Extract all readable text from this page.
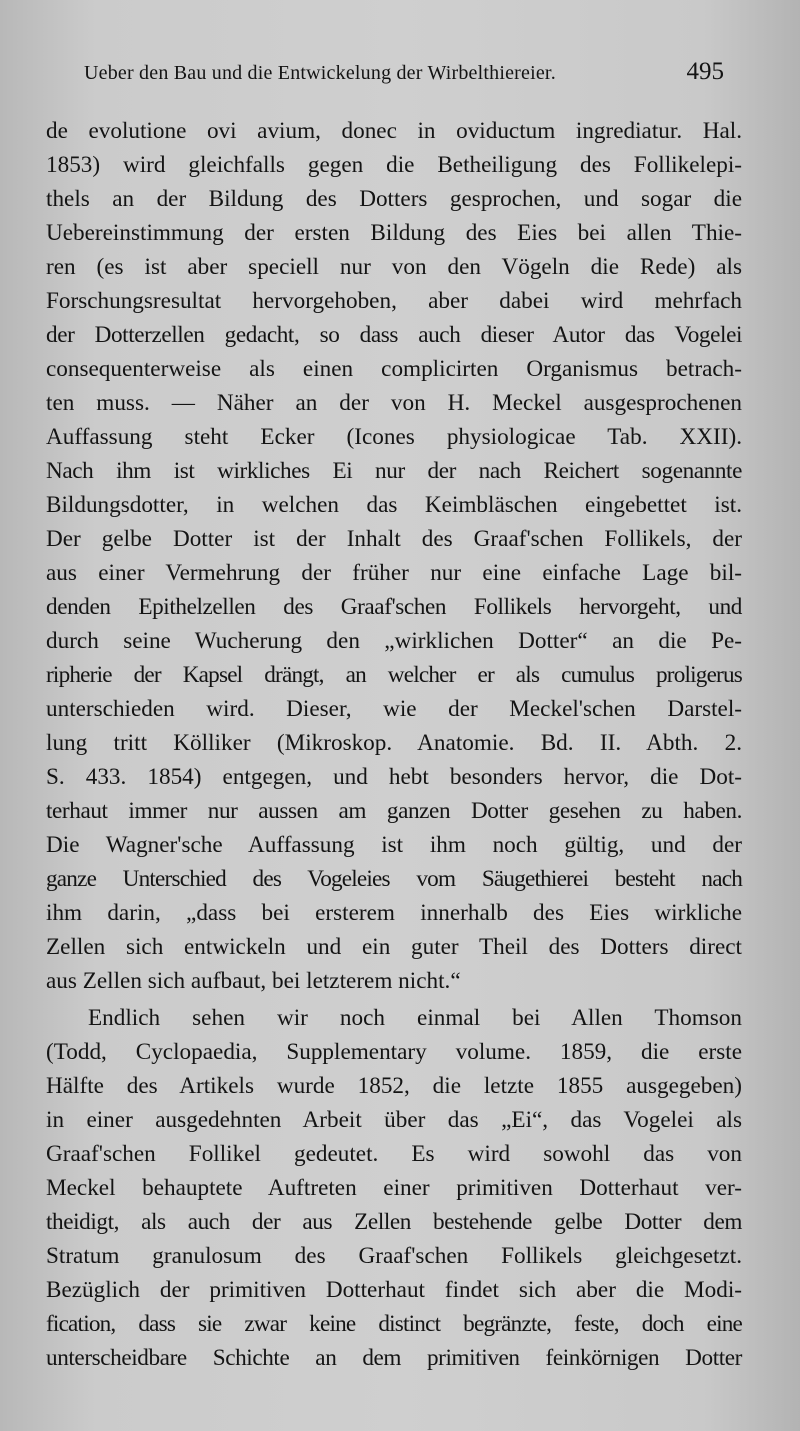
Ueber den Bau und die Entwickelung der Wirbelthiereier.	495
de evolutione ovi avium, donec in oviductum ingrediatur. Hal.
1853) wird gleichfalls gegen die Betheiligung des Follikelepi-
thels an der Bildung des Dotters gesprochen, und sogar die
Uebereinstimmung der ersten Bildung des Eies bei allen Thie-
ren (es ist aber speciell nur von den Vögeln die Rede) als
Forschungsresultat hervorgehoben, aber dabei wird mehrfach
der Dotterzellen gedacht, so dass auch dieser Autor das Vogelei
consequenterweise als einen complicirten Organismus betrach-
ten muss. — Näher an der von H. Meckel ausgesprochenen
Auffassung steht Ecker (Icones physiologicae Tab. XXII).
Nach ihm ist wirkliches Ei nur der nach Reichert sogenannte
Bildungsdotter, in welchen das Keimbläschen eingebettet ist.
Der gelbe Dotter ist der Inhalt des Graaf'schen Follikels, der
aus einer Vermehrung der früher nur eine einfache Lage bil-
denden Epithelzellen des Graaf'schen Follikels hervorgeht, und
durch seine Wucherung den „wirklichen Dotter“ an die Pe-
ripherie der Kapsel drängt, an welcher er als cumulus proligerus
unterschieden wird. Dieser, wie der Meckel'schen Darstel-
lung tritt Kölliker (Mikroskop. Anatomie. Bd. II. Abth. 2.
S. 433. 1854) entgegen, und hebt besonders hervor, die Dot-
terhaut immer nur aussen am ganzen Dotter gesehen zu haben.
Die Wagner'sche Auffassung ist ihm noch gültig, und der
ganze Unterschied des Vogeleies vom Säugethierei besteht nach
ihm darin, „dass bei ersterem innerhalb des Eies wirkliche
Zellen sich entwickeln und ein guter Theil des Dotters direct
aus Zellen sich aufbaut, bei letzterem nicht.“
Endlich sehen wir noch einmal bei Allen Thomson
(Todd, Cyclopaedia, Supplementary volume. 1859, die erste
Hälfte des Artikels wurde 1852, die letzte 1855 ausgegeben)
in einer ausgedehnten Arbeit über das „Ei“, das Vogelei als
Graaf'schen Follikel gedeutet. Es wird sowohl das von
Meckel behauptete Auftreten einer primitiven Dotterhaut ver-
theidigt, als auch der aus Zellen bestehende gelbe Dotter dem
Stratum granulosum des Graaf'schen Follikels gleichgesetzt.
Bezüglich der primitiven Dotterhaut findet sich aber die Modi-
fication, dass sie zwar keine distinct begränzte, feste, doch eine
unterscheidbare Schichte an dem primitiven feinkörnigen Dotter
